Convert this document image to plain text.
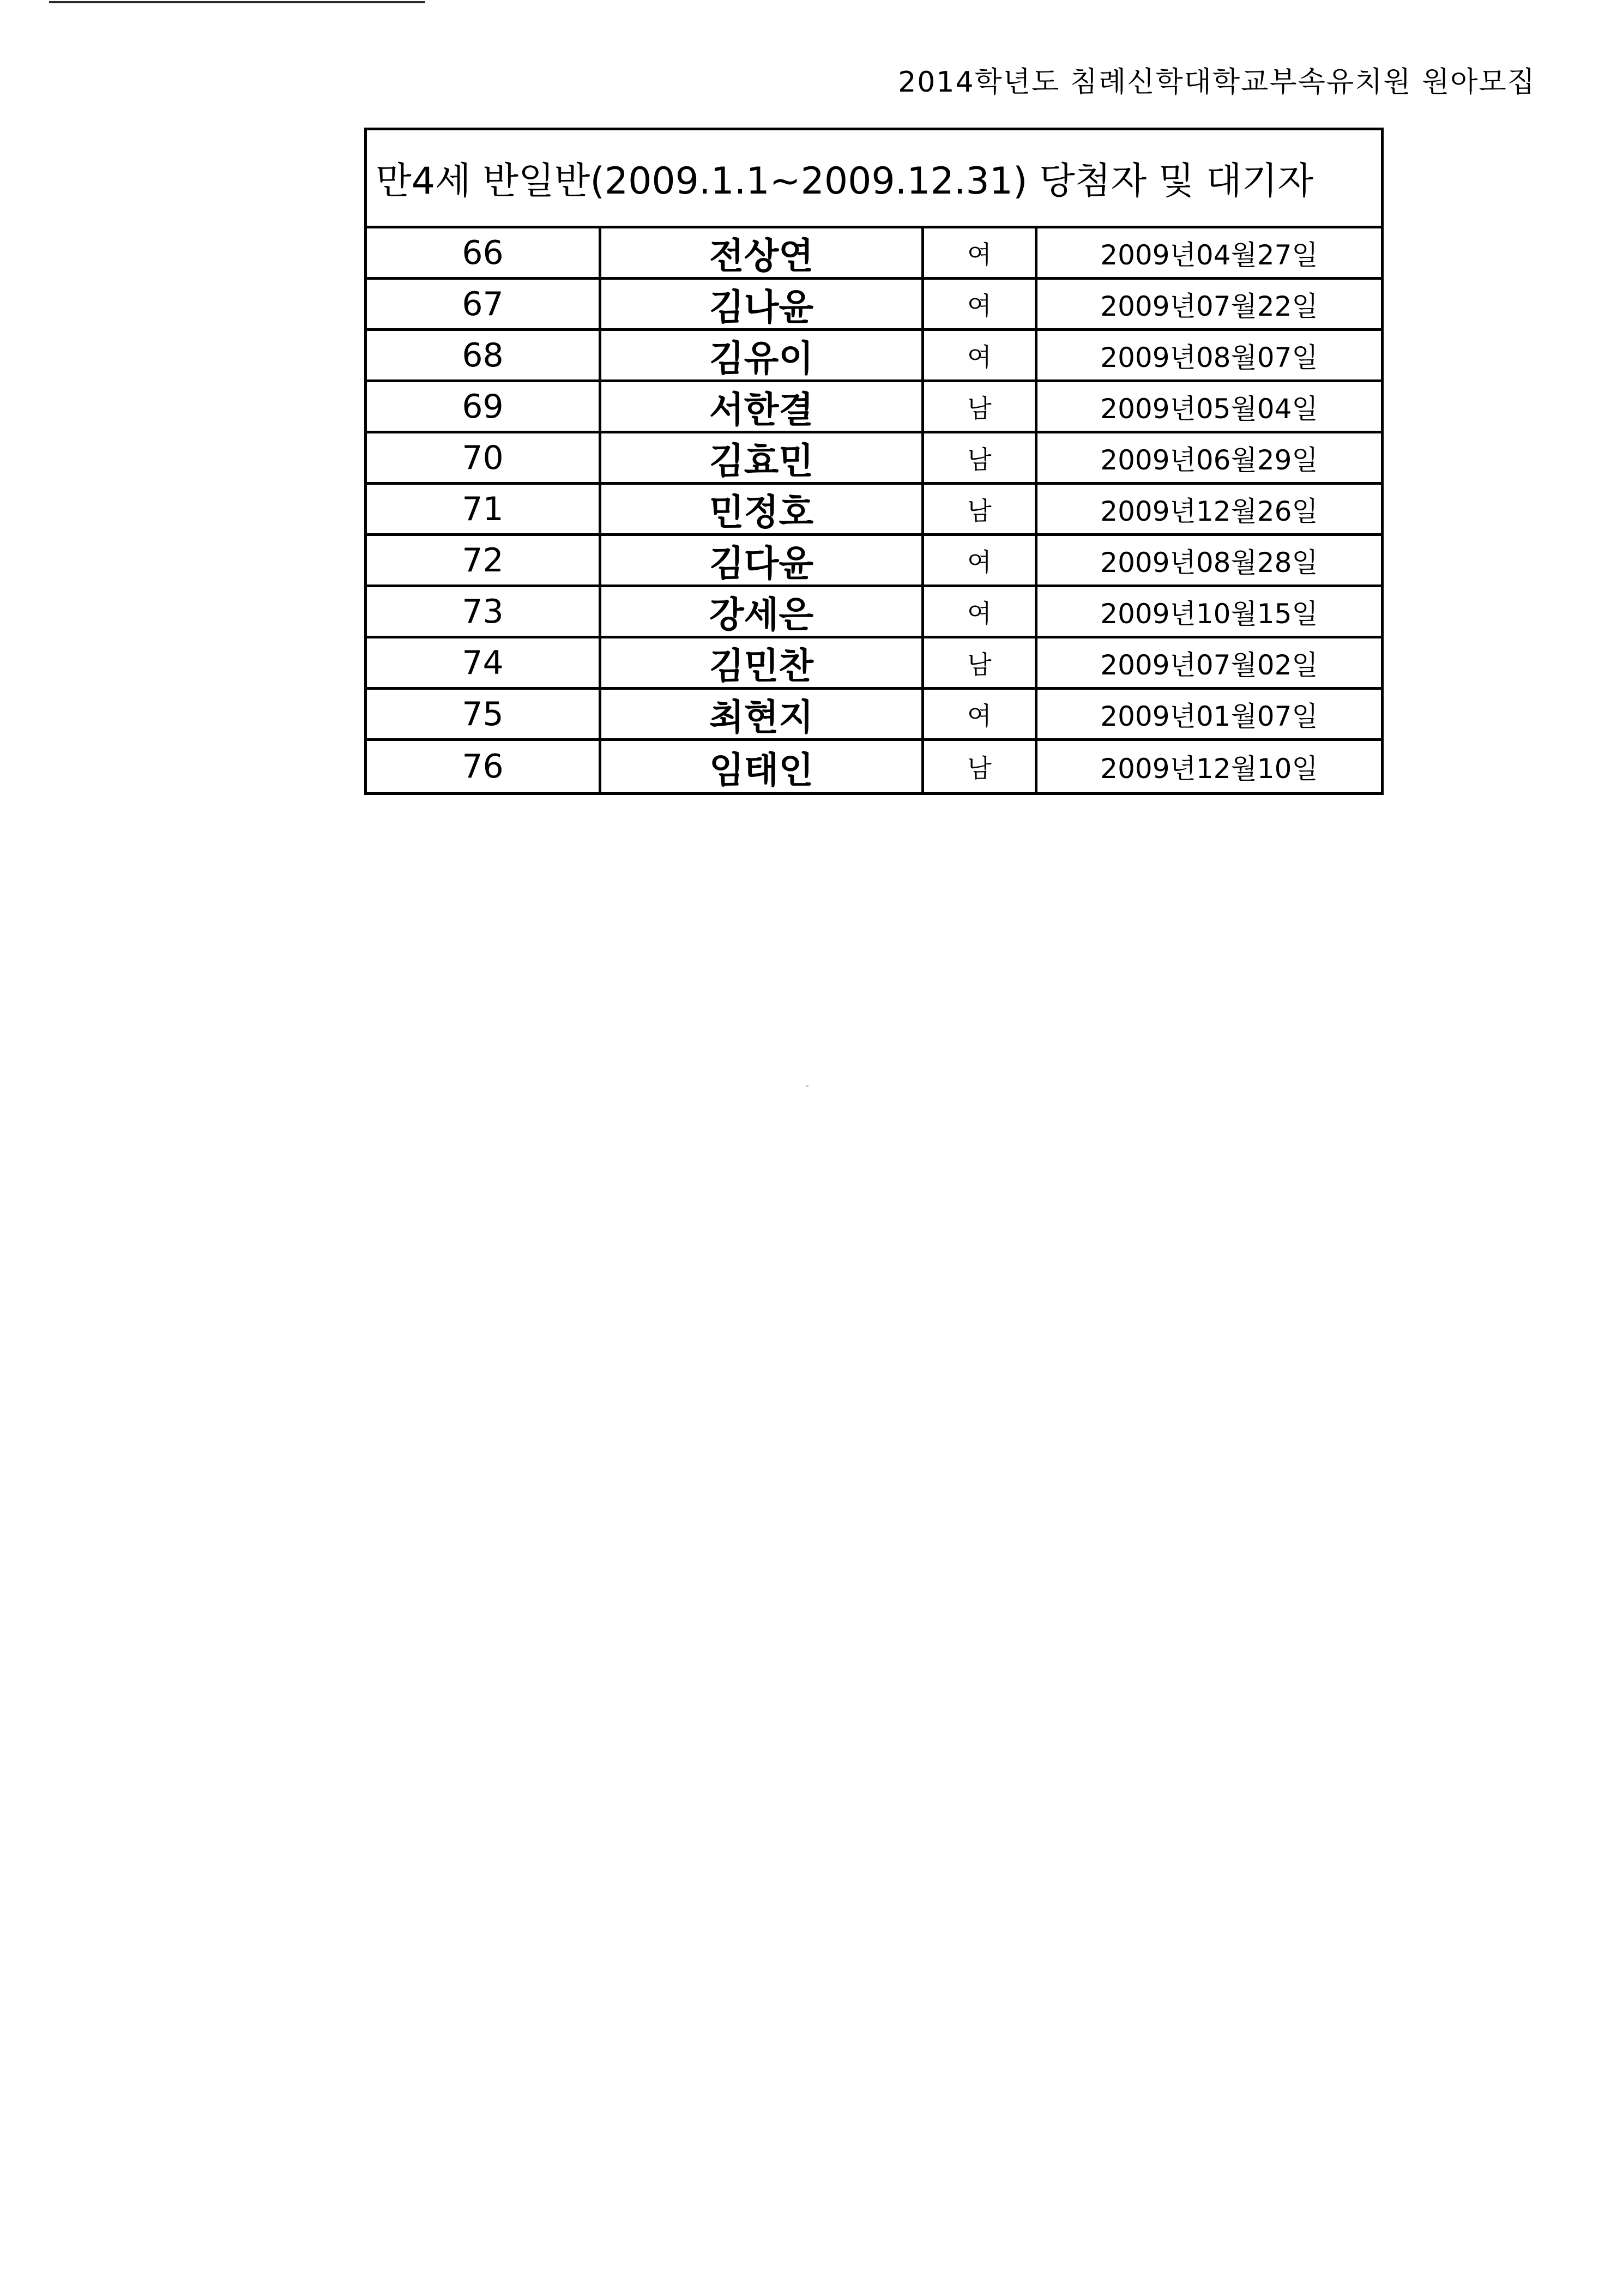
2014학년도 침례신학대학교부속유치원 원아모집
만4세 반일반(2009.1.1~2009.12.31) 당첨자 및 대기자
66	전상연	여	2009년04월27일
67	김나윤	여	2009년07월22일
68	김유이	여	2009년08월07일
69	서한결	남	2009년05월04일
70	김효민	남	2009년06월29일
71	민정호	남	2009년12월26일
72	김다윤	여	2009년08월28일
73	강세은	여	2009년10월15일
74	김민찬	남	2009년07월02일
75	최현지	여	2009년01월07일
76	임태인	남	2009년12월10일
